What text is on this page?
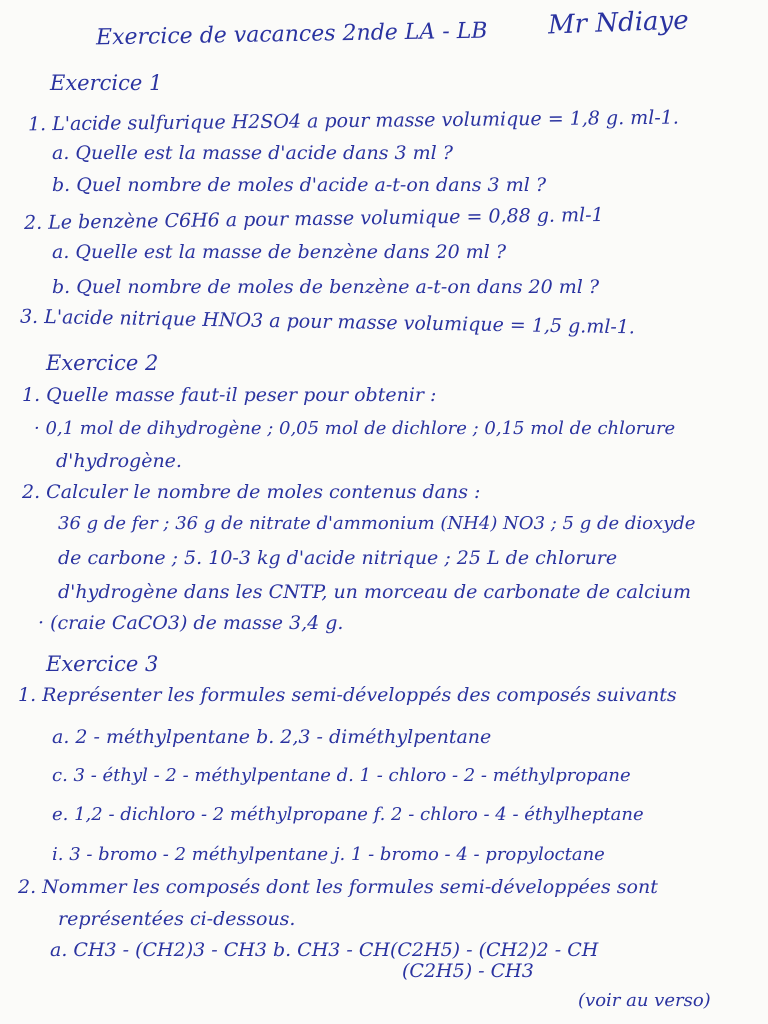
Exercice de vacances 2nde LA - LB Mr Ndiaye
Exercice 1
1. L'acide sulfurique H2SO4 a pour masse volumique = 1,8 g. ml-1.
a. Quelle est la masse d'acide dans 3 ml ?
b. Quel nombre de moles d'acide a-t-on dans 3 ml ?
2. Le benzène C6H6 a pour masse volumique = 0,88 g. ml-1
a. Quelle est la masse de benzène dans 20 ml ?
b. Quel nombre de moles de benzène a-t-on dans 20 ml ?
3. L'acide nitrique HNO3 a pour masse volumique = 1,5 g.ml-1.
Exercice 2
1. Quelle masse faut-il peser pour obtenir :
· 0,1 mol de dihydrogène ; 0,05 mol de dichlore ; 0,15 mol de chlorure
d'hydrogène.
2. Calculer le nombre de moles contenus dans :
36 g de fer ; 36 g de nitrate d'ammonium (NH4) NO3 ; 5 g de dioxyde
de carbone ; 5. 10-3 kg d'acide nitrique ; 25 L de chlorure
d'hydrogène dans les CNTP, un morceau de carbonate de calcium
· (craie CaCO3) de masse 3,4 g.
Exercice 3
1. Représenter les formules semi-développés des composés suivants
a. 2 - méthylpentane b. 2,3 - diméthylpentane
c. 3 - éthyl - 2 - méthylpentane d. 1 - chloro - 2 - méthylpropane
e. 1,2 - dichloro - 2 méthylpropane f. 2 - chloro - 4 - éthylheptane
i. 3 - bromo - 2 méthylpentane j. 1 - bromo - 4 - propyloctane
2. Nommer les composés dont les formules semi-développées sont
représentées ci-dessous.
a. CH3 - (CH2)3 - CH3 b. CH3 - CH(C2H5) - (CH2)2 - CH
(C2H5) - CH3
(voir au verso)
